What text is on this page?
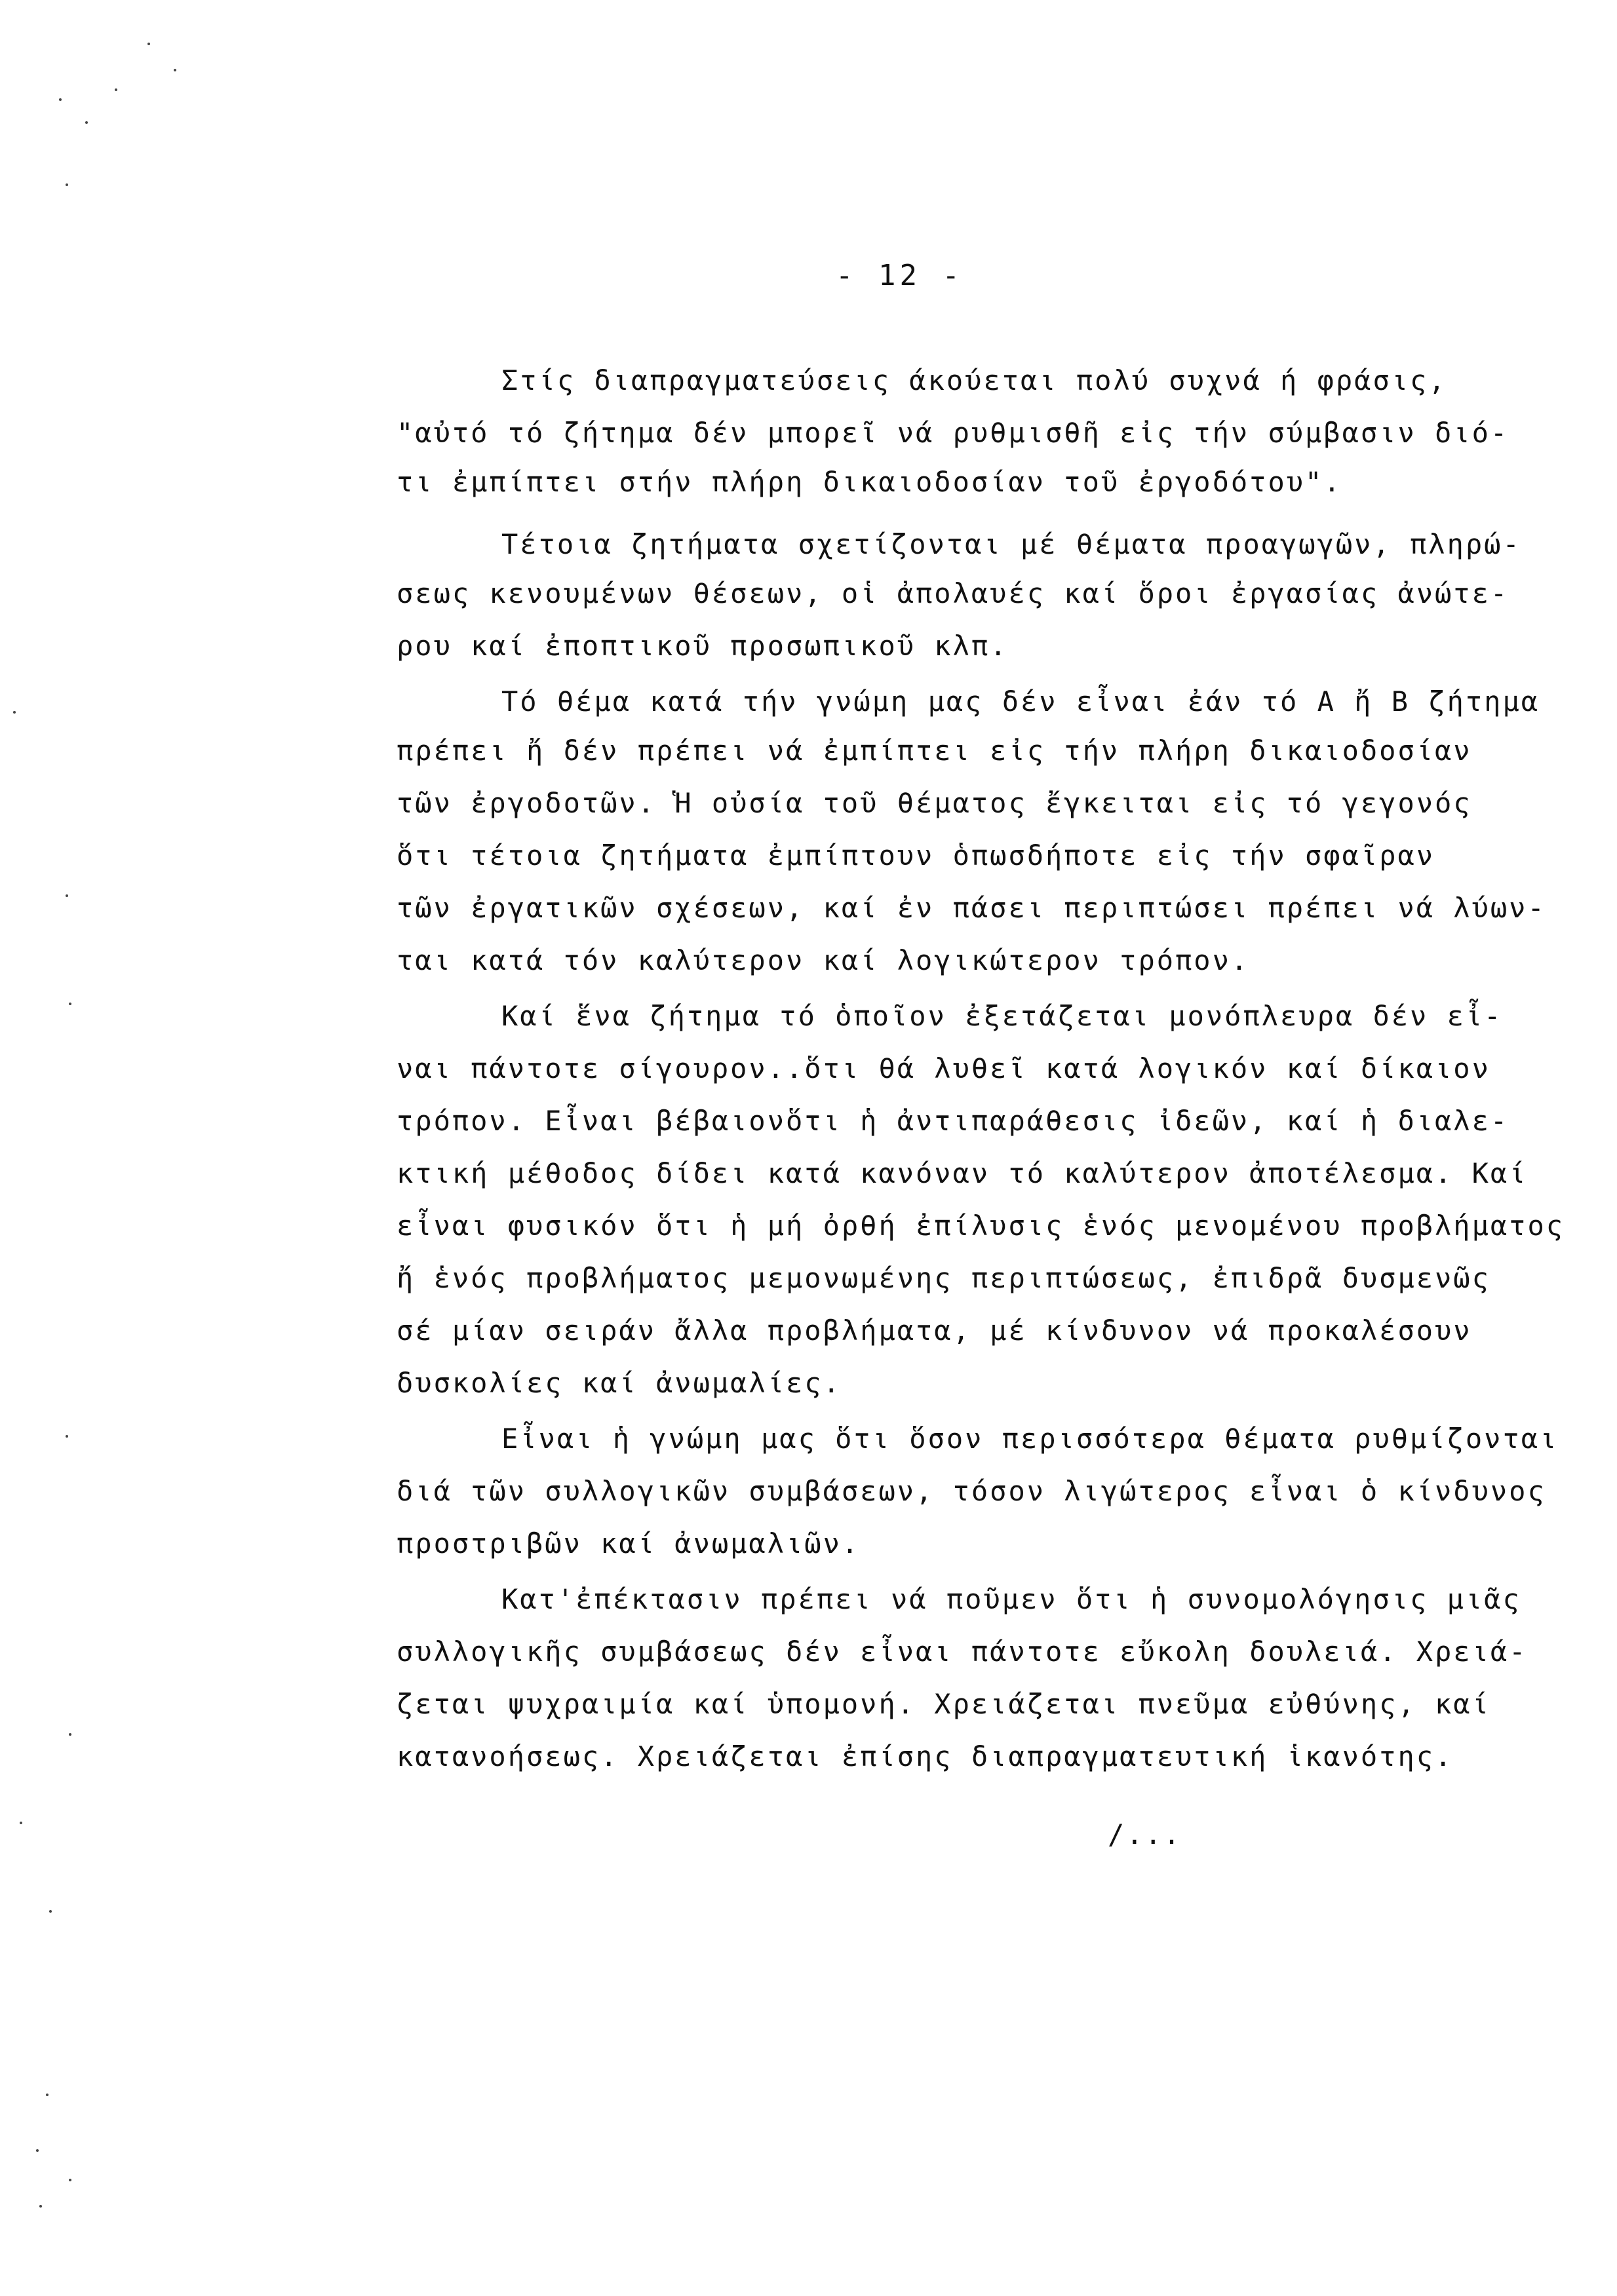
- 12 -
Στίς διαπραγματεύσεις άκούεται πολύ συχνά ή φράσις,
"αὐτό τό ζήτημα δέν μπορεῖ νά ρυθμισθῆ εἰς τήν σύμβασιν διό-
τι ἐμπίπτει στήν πλήρη δικαιοδοσίαν τοῦ ἐργοδότου".
Τέτοια ζητήματα σχετίζονται μέ θέματα προαγωγῶν, πληρώ-
σεως κενουμένων θέσεων, οἱ ἀπολαυές καί ὅροι ἐργασίας ἀνώτε-
ρου καί ἐποπτικοῦ προσωπικοῦ κλπ.
Τό θέμα κατά τήν γνώμη μας δέν εἶναι ἐάν τό Α ἤ Β ζήτημα
πρέπει ἤ δέν πρέπει νά ἐμπίπτει εἰς τήν πλήρη δικαιοδοσίαν
τῶν ἐργοδοτῶν. Ἡ οὐσία τοῦ θέματος ἔγκειται εἰς τό γεγονός
ὅτι τέτοια ζητήματα ἐμπίπτουν ὁπωσδήποτε εἰς τήν σφαῖραν
τῶν ἐργατικῶν σχέσεων, καί ἐν πάσει περιπτώσει πρέπει νά λύων-
ται κατά τόν καλύτερον καί λογικώτερον τρόπον.
Καί ἕνα ζήτημα τό ὁποῖον ἐξετάζεται μονόπλευρα δέν εἶ-
ναι πάντοτε σίγουρον..ὅτι θά λυθεῖ κατά λογικόν καί δίκαιον
τρόπον. Εἶναι βέβαιονὅτι ἡ ἀντιπαράθεσις ἰδεῶν, καί ἡ διαλε-
κτική μέθοδος δίδει κατά κανόναν τό καλύτερον ἀποτέλεσμα. Καί
εἶναι φυσικόν ὅτι ἡ μή ὀρθή ἐπίλυσις ἑνός μενομένου προβλήματος
ἤ ἑνός προβλήματος μεμονωμένης περιπτώσεως, ἐπιδρᾶ δυσμενῶς
σέ μίαν σειράν ἄλλα προβλήματα, μέ κίνδυνον νά προκαλέσουν
δυσκολίες καί ἀνωμαλίες.
Εἶναι ἡ γνώμη μας ὅτι ὅσον περισσότερα θέματα ρυθμίζονται
διά τῶν συλλογικῶν συμβάσεων, τόσον λιγώτερος εἶναι ὁ κίνδυνος
προστριβῶν καί ἀνωμαλιῶν.
Κατ'ἐπέκτασιν πρέπει νά ποῦμεν ὅτι ἡ συνομολόγησις μιᾶς
συλλογικῆς συμβάσεως δέν εἶναι πάντοτε εὔκολη δουλειά. Χρειά-
ζεται ψυχραιμία καί ὑπομονή. Χρειάζεται πνεῦμα εὐθύνης, καί
κατανοήσεως. Χρειάζεται ἐπίσης διαπραγματευτική ἱκανότης.
/...
